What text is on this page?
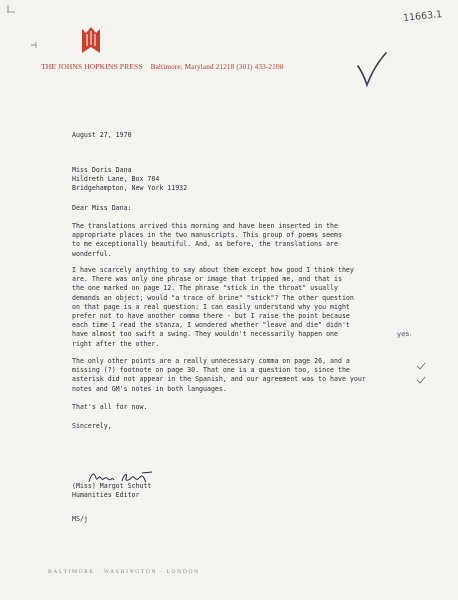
11663.1
THE JOHNS HOPKINS PRESS Baltimore, Maryland 21218 (301) 433-2100
August 27, 1970
Miss Doris Dana
Hildreth Lane, Box 784
Bridgehampton, New York 11932
Dear Miss Dana:
The translations arrived this morning and have been inserted in the
appropriate places in the two manuscripts. This group of poems seems
to me exceptionally beautiful. And, as before, the translations are
wonderful.
I have scarcely anything to say about them except how good I think they
are. There was only one phrase or image that tripped me, and that is
the one marked on page 12. The phrase "stick in the throat" usually
demands an object; would "a trace of brine" "stick"? The other question
on that page is a real question: I can easily understand why you might
prefer not to have another comma there - but I raise the point because
each time I read the stanza, I wondered whether "leave and die" didn't
have almost too swift a swing. They wouldn't necessarily happen one
right after the other.
yes.
The only other points are a really unnecessary comma on page 26, and a
missing (?) footnote on page 30. That one is a question too, since the
asterisk did not appear in the Spanish, and our agreement was to have your
notes and GM's notes in both languages.
That's all for now.
Sincerely,
(Miss) Margot Schutt
Humanities Editor
MS/j
BALTIMORE · WASHINGTON · LONDON
